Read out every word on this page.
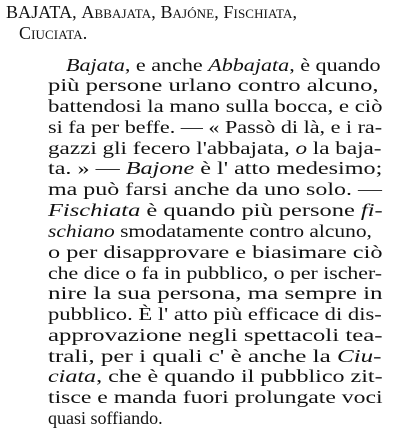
BAJATA, Abbajata, Bajóne, Fischiata,
Ciuciata.
Bajata, e anche Abbajata, è quando
più persone urlano contro alcuno,
battendosi la mano sulla bocca, e ciò
si fa per beffe. — « Passò di là, e i ra-
gazzi gli fecero l'abbajata, o la baja-
ta. » — Bajone è l' atto medesimo;
ma può farsi anche da uno solo. —
Fischiata è quando più persone fi-
schiano smodatamente contro alcuno,
o per disapprovare e biasimare ciò
che dice o fa in pubblico, o per ischer-
nire la sua persona, ma sempre in
pubblico. È l' atto più efficace di dis-
approvazione negli spettacoli tea-
trali, per i quali c' è anche la Ciu-
ciata, che è quando il pubblico zit-
tisce e manda fuori prolungate voci
quasi soffiando.
